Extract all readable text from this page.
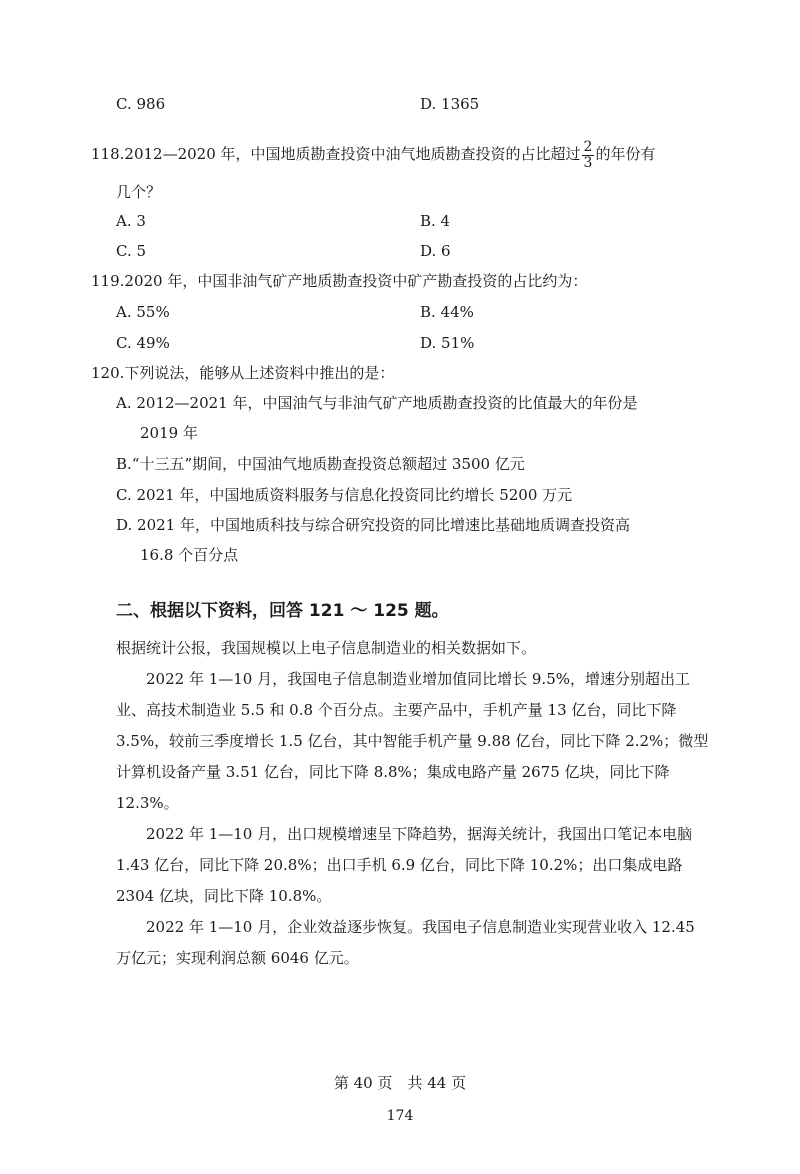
C. 986	D. 1365
118.2012—2020 年，中国地质勘查投资中油气地质勘查投资的占比超过 $\frac{2}{3}$ 的年份有
几个？
A. 3	B. 4
C. 5	D. 6
119.2020 年，中国非油气矿产地质勘查投资中矿产勘查投资的占比约为：
A. 55%	B. 44%
C. 49%	D. 51%
120.下列说法，能够从上述资料中推出的是：
A. 2012—2021 年，中国油气与非油气矿产地质勘查投资的比值最大的年份是
2019 年
B.“十三五”期间，中国油气地质勘查投资总额超过 3500 亿元
C. 2021 年，中国地质资料服务与信息化投资同比约增长 5200 万元
D. 2021 年，中国地质科技与综合研究投资的同比增速比基础地质调查投资高
16.8 个百分点
二、根据以下资料，回答 121 ～ 125 题。
根据统计公报，我国规模以上电子信息制造业的相关数据如下。
2022 年 1—10 月，我国电子信息制造业增加值同比增长 9.5%，增速分别超出工业、高技术制造业 5.5 和 0.8 个百分点。主要产品中，手机产量 13 亿台，同比下降 3.5%，较前三季度增长 1.5 亿台，其中智能手机产量 9.88 亿台，同比下降 2.2%；微型计算机设备产量 3.51 亿台，同比下降 8.8%；集成电路产量 2675 亿块，同比下降 12.3%。
2022 年 1—10 月，出口规模增速呈下降趋势，据海关统计，我国出口笔记本电脑 1.43 亿台，同比下降 20.8%；出口手机 6.9 亿台，同比下降 10.2%；出口集成电路 2304 亿块，同比下降 10.8%。
2022 年 1—10 月，企业效益逐步恢复。我国电子信息制造业实现营业收入 12.45 万亿元；实现利润总额 6046 亿元。
第 40 页　共 44 页
174
